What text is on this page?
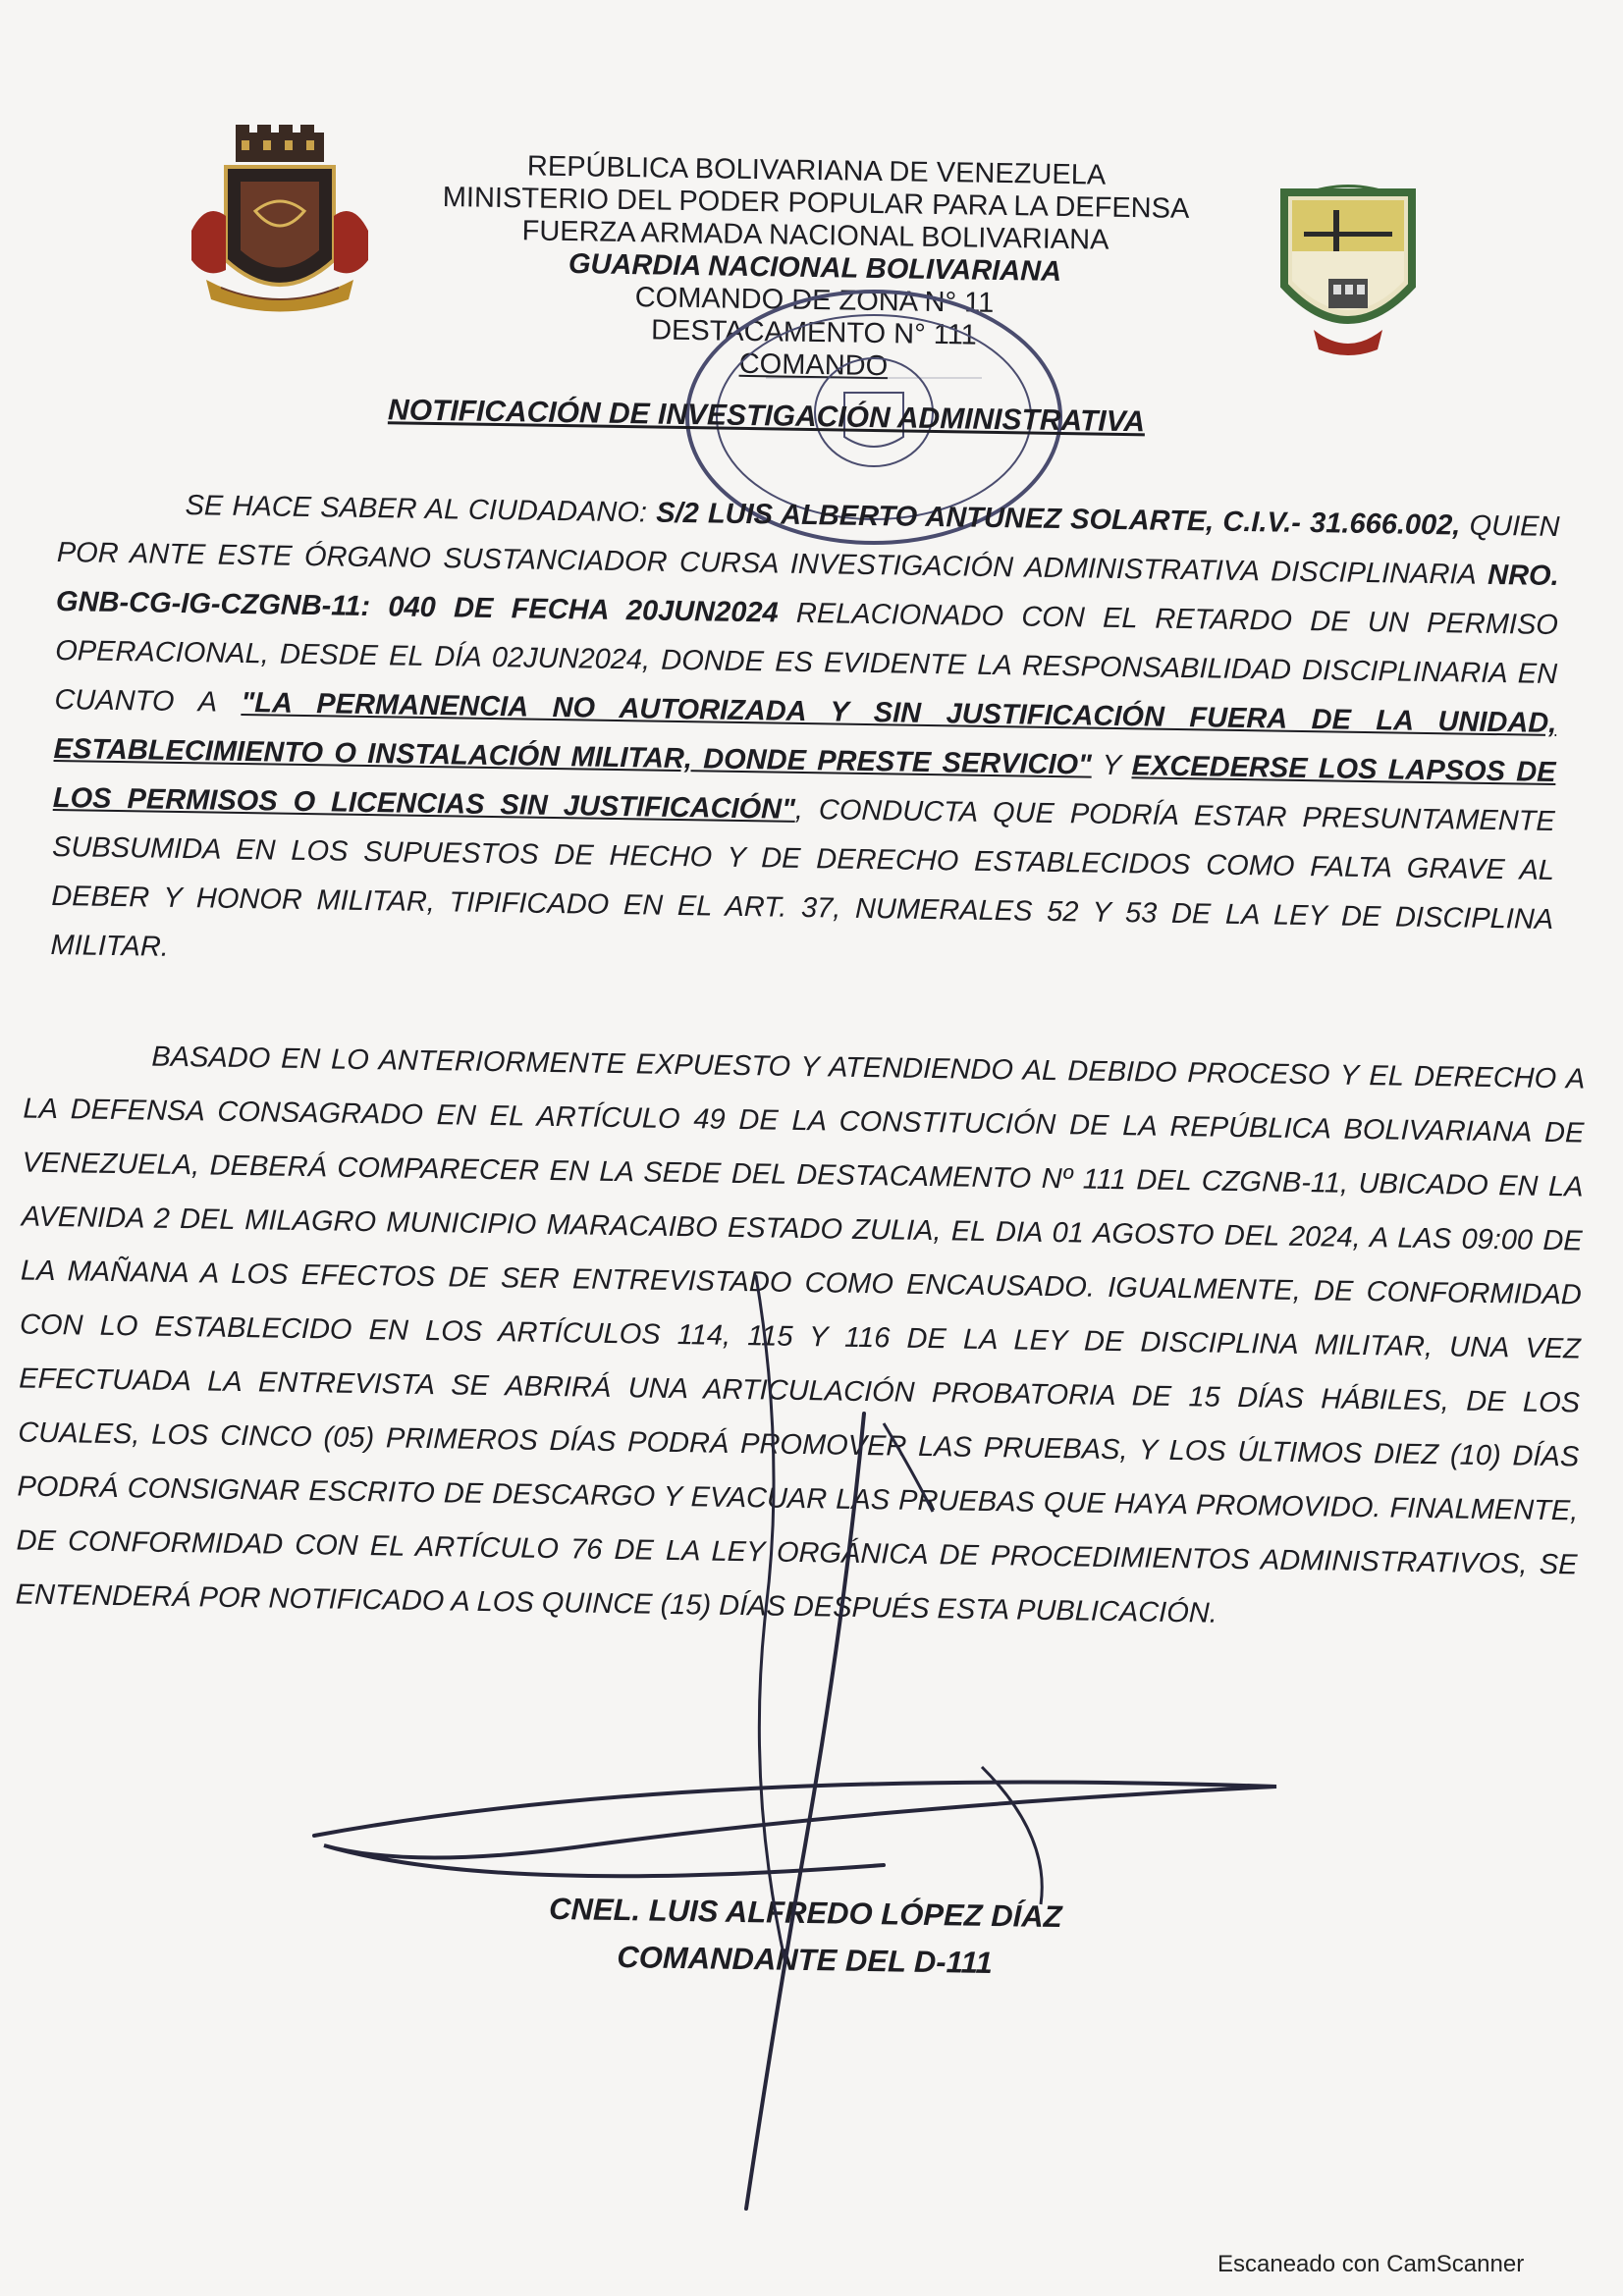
REPÚBLICA BOLIVARIANA DE VENEZUELA
MINISTERIO DEL PODER POPULAR PARA LA DEFENSA
FUERZA ARMADA NACIONAL BOLIVARIANA
GUARDIA NACIONAL BOLIVARIANA
COMANDO DE ZONA N° 11
DESTACAMENTO N° 111
COMANDO
NOTIFICACIÓN DE INVESTIGACIÓN ADMINISTRATIVA
SE HACE SABER AL CIUDADANO: S/2 LUIS ALBERTO ANTUNEZ SOLARTE, C.I.V.- 31.666.002, QUIEN POR ANTE ESTE ÓRGANO SUSTANCIADOR CURSA INVESTIGACIÓN ADMINISTRATIVA DISCIPLINARIA NRO. GNB-CG-IG-CZGNB-11: 040 DE FECHA 20JUN2024 RELACIONADO CON EL RETARDO DE UN PERMISO OPERACIONAL, DESDE EL DÍA 02JUN2024, DONDE ES EVIDENTE LA RESPONSABILIDAD DISCIPLINARIA EN CUANTO A "LA PERMANENCIA NO AUTORIZADA Y SIN JUSTIFICACIÓN FUERA DE LA UNIDAD, ESTABLECIMIENTO O INSTALACIÓN MILITAR, DONDE PRESTE SERVICIO" Y EXCEDERSE LOS LAPSOS DE LOS PERMISOS O LICENCIAS SIN JUSTIFICACIÓN", CONDUCTA QUE PODRÍA ESTAR PRESUNTAMENTE SUBSUMIDA EN LOS SUPUESTOS DE HECHO Y DE DERECHO ESTABLECIDOS COMO FALTA GRAVE AL DEBER Y HONOR MILITAR, TIPIFICADO EN EL ART. 37, NUMERALES 52 Y 53 DE LA LEY DE DISCIPLINA MILITAR.
BASADO EN LO ANTERIORMENTE EXPUESTO Y ATENDIENDO AL DEBIDO PROCESO Y EL DERECHO A LA DEFENSA CONSAGRADO EN EL ARTÍCULO 49 DE LA CONSTITUCIÓN DE LA REPÚBLICA BOLIVARIANA DE VENEZUELA, DEBERÁ COMPARECER EN LA SEDE DEL DESTACAMENTO Nº 111 DEL CZGNB-11, UBICADO EN LA AVENIDA 2 DEL MILAGRO MUNICIPIO MARACAIBO ESTADO ZULIA, EL DIA 01 AGOSTO DEL 2024, A LAS 09:00 DE LA MAÑANA A LOS EFECTOS DE SER ENTREVISTADO COMO ENCAUSADO. IGUALMENTE, DE CONFORMIDAD CON LO ESTABLECIDO EN LOS ARTÍCULOS 114, 115 Y 116 DE LA LEY DE DISCIPLINA MILITAR, UNA VEZ EFECTUADA LA ENTREVISTA SE ABRIRÁ UNA ARTICULACIÓN PROBATORIA DE 15 DÍAS HÁBILES, DE LOS CUALES, LOS CINCO (05) PRIMEROS DÍAS PODRÁ PROMOVER LAS PRUEBAS, Y LOS ÚLTIMOS DIEZ (10) DÍAS PODRÁ CONSIGNAR ESCRITO DE DESCARGO Y EVACUAR LAS PRUEBAS QUE HAYA PROMOVIDO. FINALMENTE, DE CONFORMIDAD CON EL ARTÍCULO 76 DE LA LEY ORGÁNICA DE PROCEDIMIENTOS ADMINISTRATIVOS, SE ENTENDERÁ POR NOTIFICADO A LOS QUINCE (15) DÍAS DESPUÉS ESTA PUBLICACIÓN.
CNEL. LUIS ALFREDO LÓPEZ DÍAZ
COMANDANTE DEL D-111
Escaneado con CamScanner
